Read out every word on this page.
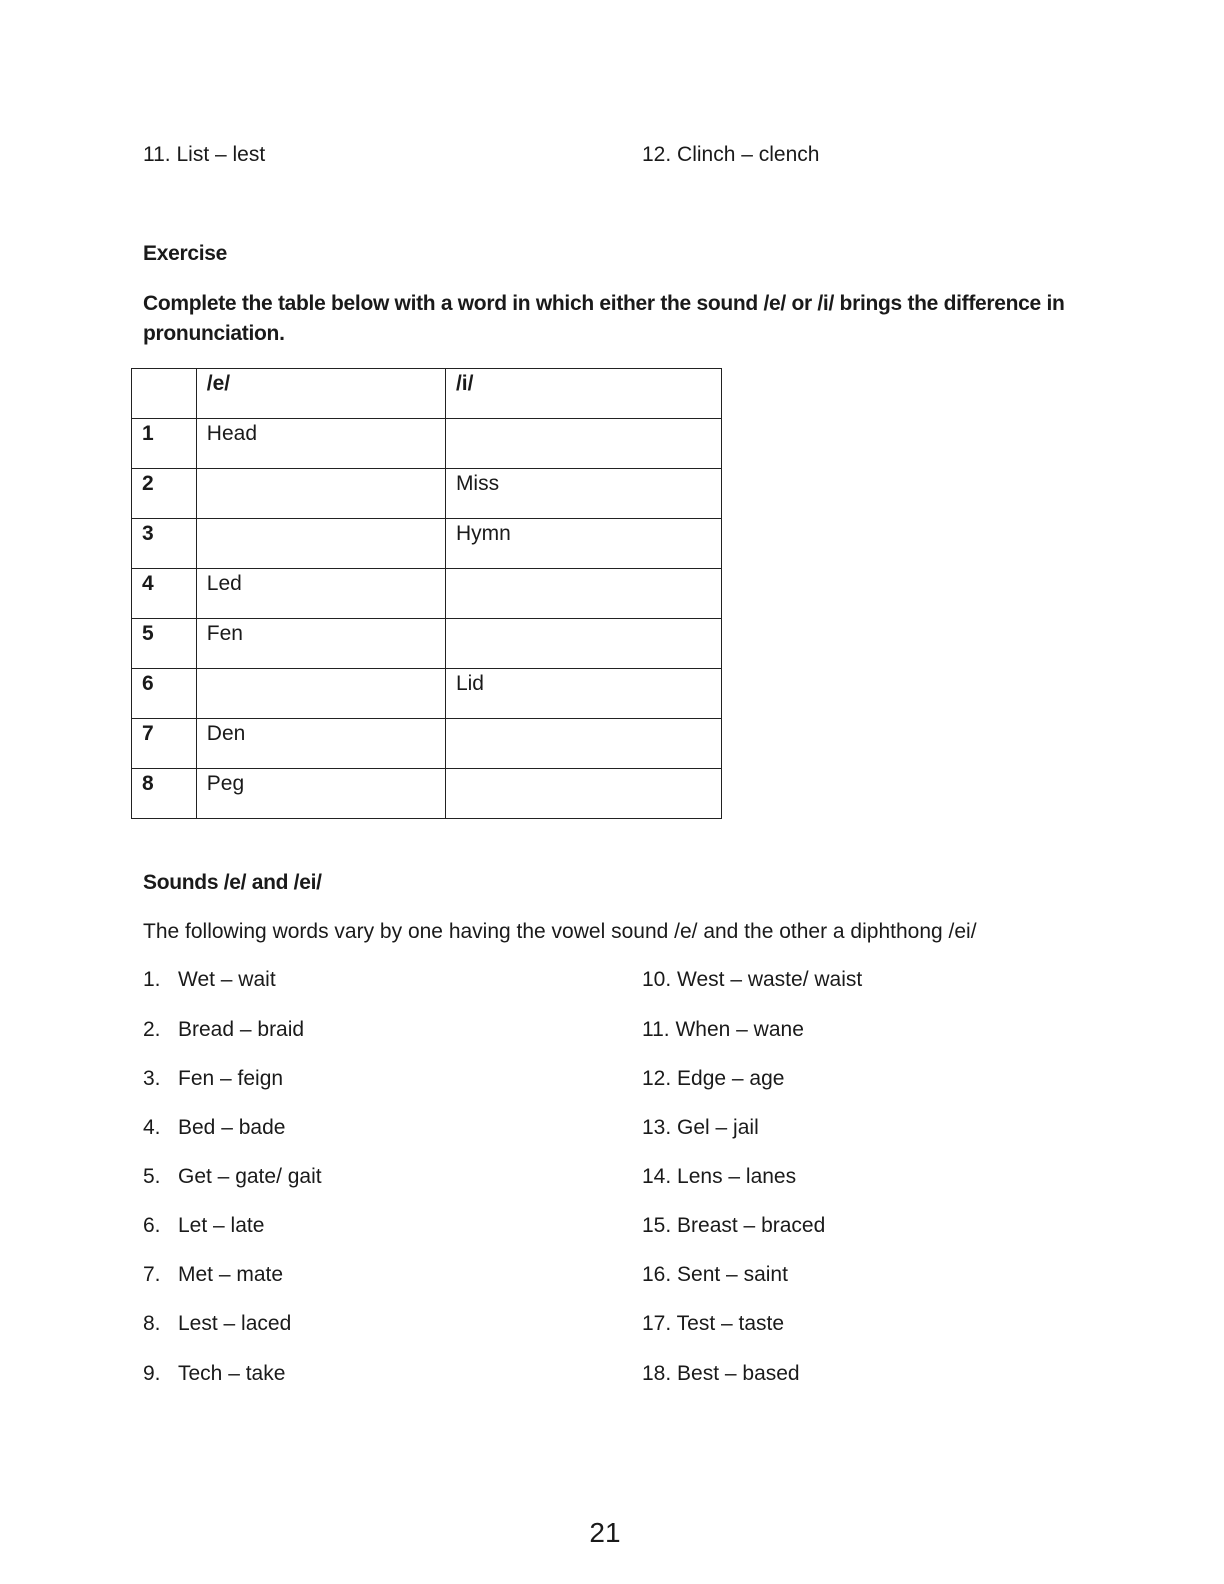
11. List – lest	12. Clinch – clench
Exercise
Complete the table below with a word in which either the sound /e/ or /i/ brings the difference in pronunciation.
	/e/	/i/
1	Head	
2		Miss
3		Hymn
4	Led	
5	Fen	
6		Lid
7	Den	
8	Peg	
Sounds /e/ and /ei/
The following words vary by one having the vowel sound /e/ and the other a diphthong /ei/
1. Wet – wait
2. Bread – braid
3. Fen – feign
4. Bed – bade
5. Get – gate/ gait
6. Let – late
7. Met – mate
8. Lest – laced
9. Tech – take
10. West – waste/ waist
11. When – wane
12. Edge – age
13. Gel – jail
14. Lens – lanes
15. Breast – braced
16. Sent – saint
17. Test – taste
18. Best – based
21
